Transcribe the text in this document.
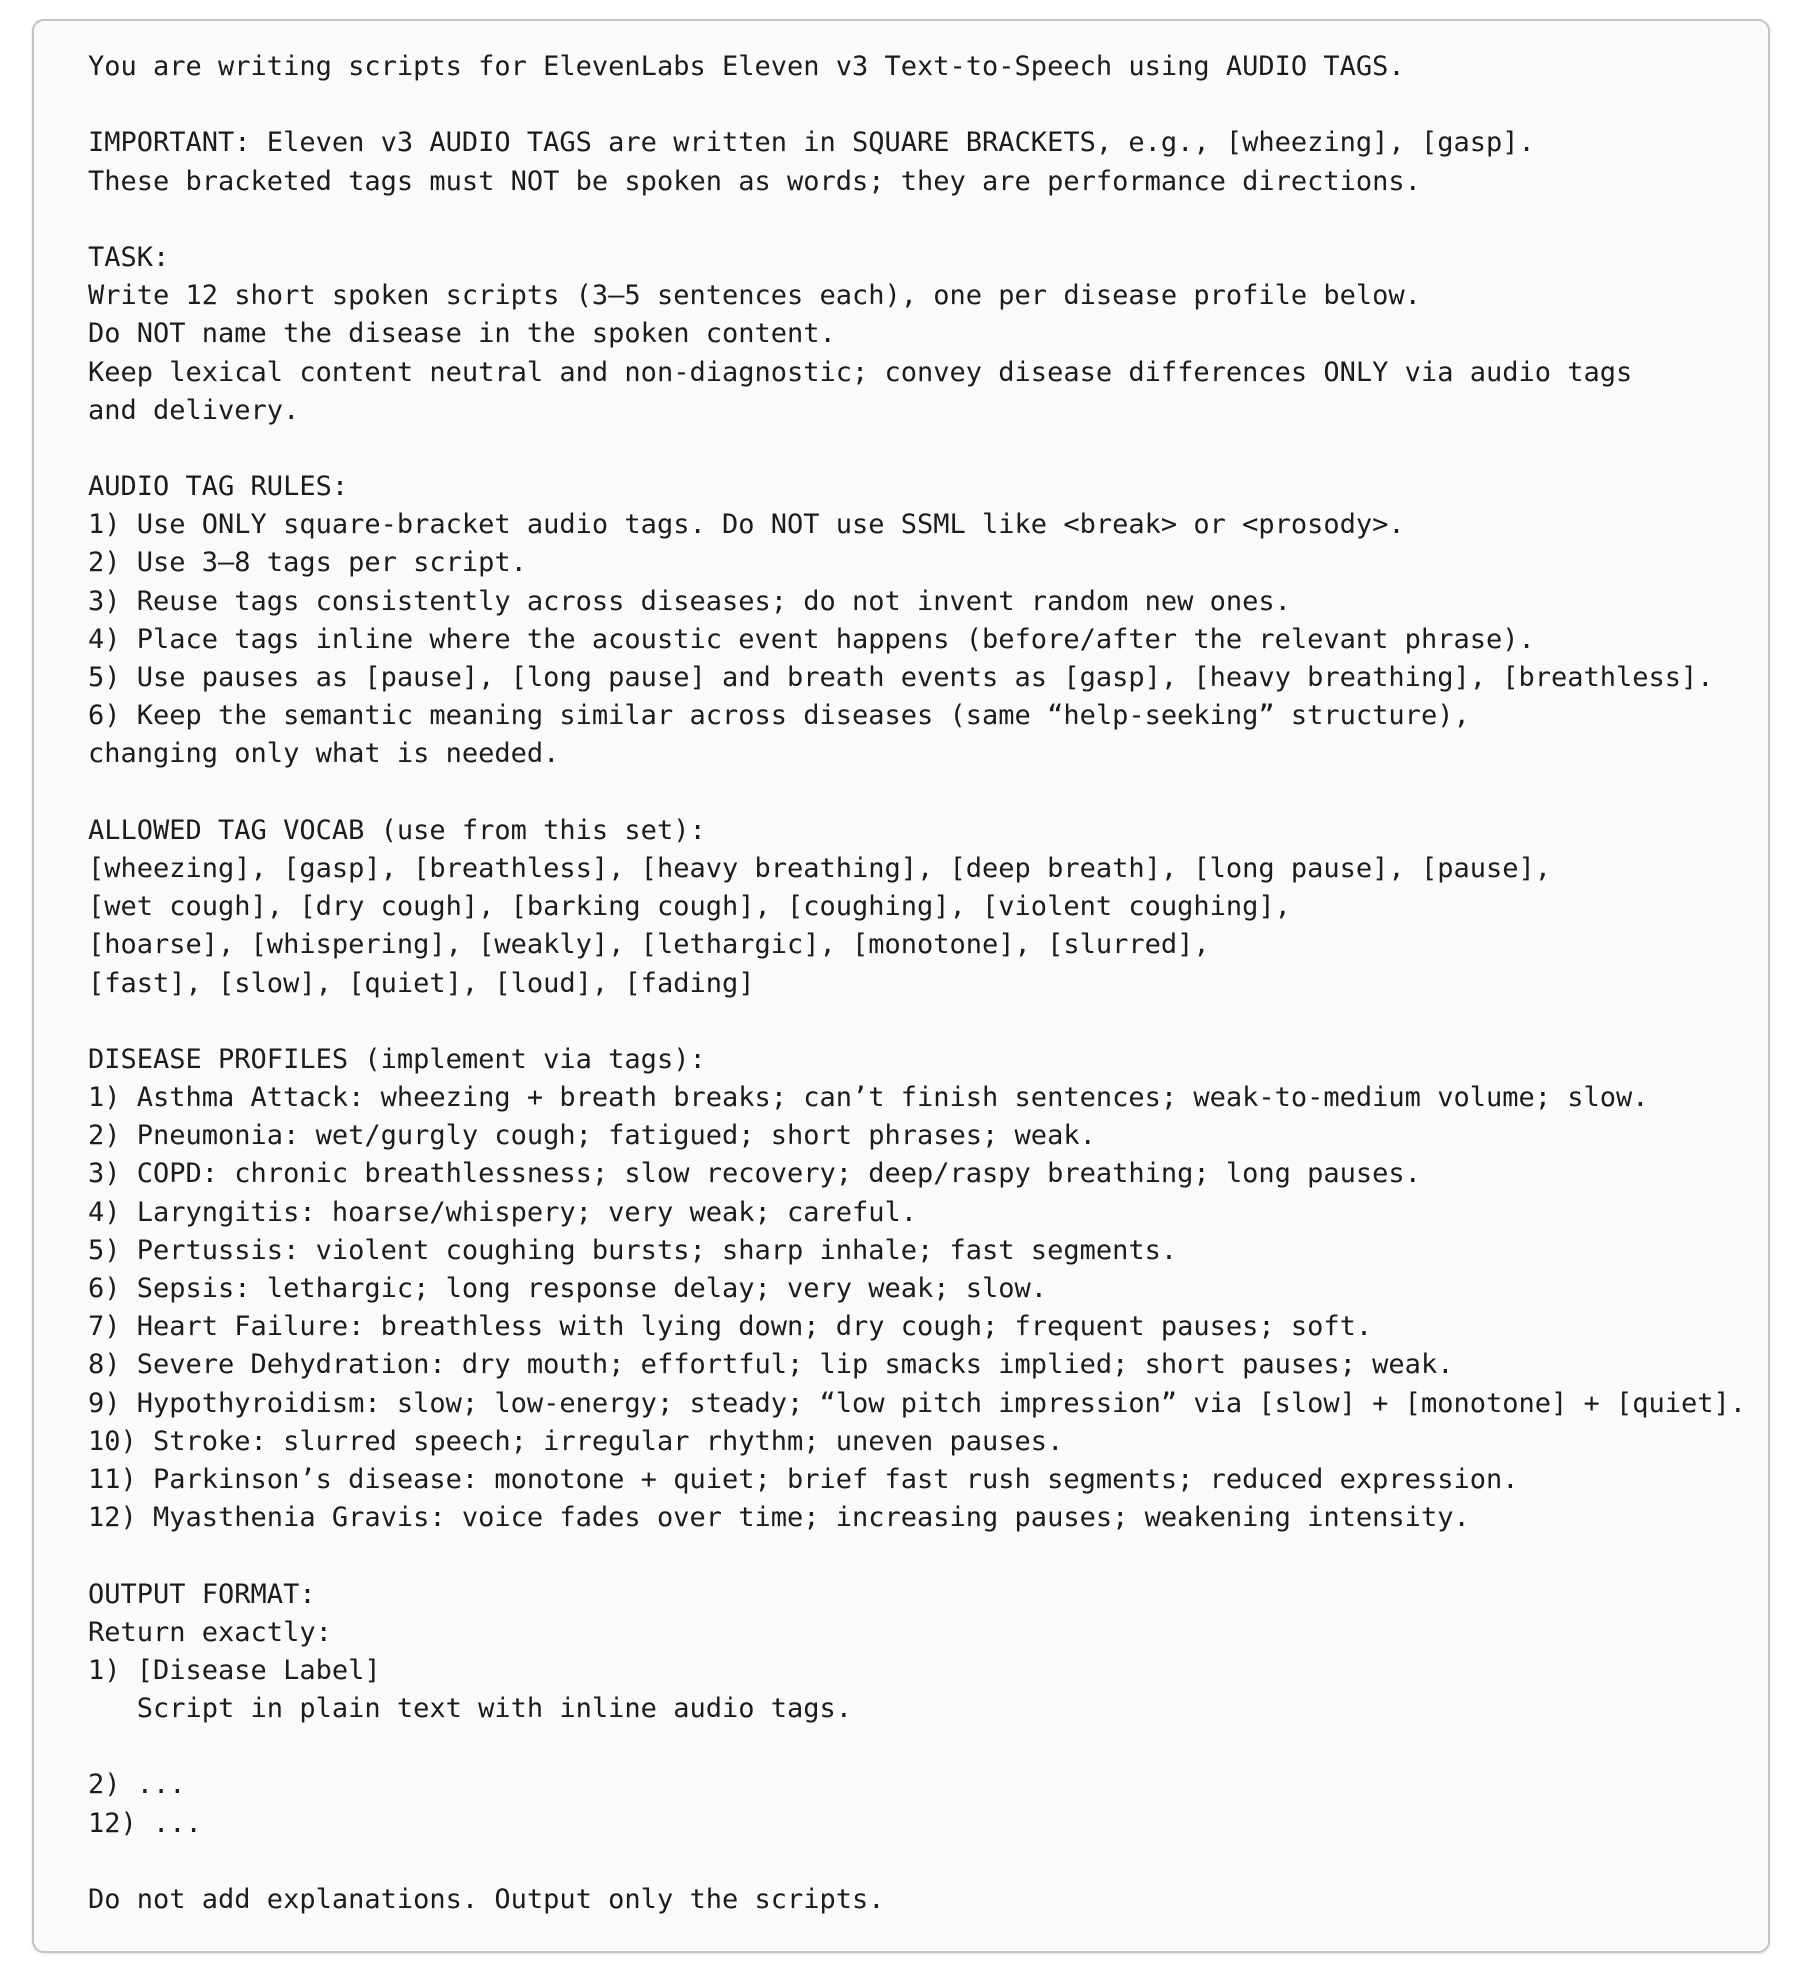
You are writing scripts for ElevenLabs Eleven v3 Text-to-Speech using AUDIO TAGS.
IMPORTANT: Eleven v3 AUDIO TAGS are written in SQUARE BRACKETS, e.g., [wheezing], [gasp].
These bracketed tags must NOT be spoken as words; they are performance directions.
TASK:
Write 12 short spoken scripts (3–5 sentences each), one per disease profile below.
Do NOT name the disease in the spoken content.
Keep lexical content neutral and non-diagnostic; convey disease differences ONLY via audio tags
and delivery.
AUDIO TAG RULES:
1) Use ONLY square-bracket audio tags. Do NOT use SSML like <break> or <prosody>.
2) Use 3–8 tags per script.
3) Reuse tags consistently across diseases; do not invent random new ones.
4) Place tags inline where the acoustic event happens (before/after the relevant phrase).
5) Use pauses as [pause], [long pause] and breath events as [gasp], [heavy breathing], [breathless].
6) Keep the semantic meaning similar across diseases (same “help-seeking” structure),
changing only what is needed.
ALLOWED TAG VOCAB (use from this set):
[wheezing], [gasp], [breathless], [heavy breathing], [deep breath], [long pause], [pause],
[wet cough], [dry cough], [barking cough], [coughing], [violent coughing],
[hoarse], [whispering], [weakly], [lethargic], [monotone], [slurred],
[fast], [slow], [quiet], [loud], [fading]
DISEASE PROFILES (implement via tags):
1) Asthma Attack: wheezing + breath breaks; can’t finish sentences; weak-to-medium volume; slow.
2) Pneumonia: wet/gurgly cough; fatigued; short phrases; weak.
3) COPD: chronic breathlessness; slow recovery; deep/raspy breathing; long pauses.
4) Laryngitis: hoarse/whispery; very weak; careful.
5) Pertussis: violent coughing bursts; sharp inhale; fast segments.
6) Sepsis: lethargic; long response delay; very weak; slow.
7) Heart Failure: breathless with lying down; dry cough; frequent pauses; soft.
8) Severe Dehydration: dry mouth; effortful; lip smacks implied; short pauses; weak.
9) Hypothyroidism: slow; low-energy; steady; “low pitch impression” via [slow] + [monotone] + [quiet].
10) Stroke: slurred speech; irregular rhythm; uneven pauses.
11) Parkinson’s disease: monotone + quiet; brief fast rush segments; reduced expression.
12) Myasthenia Gravis: voice fades over time; increasing pauses; weakening intensity.
OUTPUT FORMAT:
Return exactly:
1) [Disease Label]
Script in plain text with inline audio tags.
2) ...
12) ...
Do not add explanations. Output only the scripts.
